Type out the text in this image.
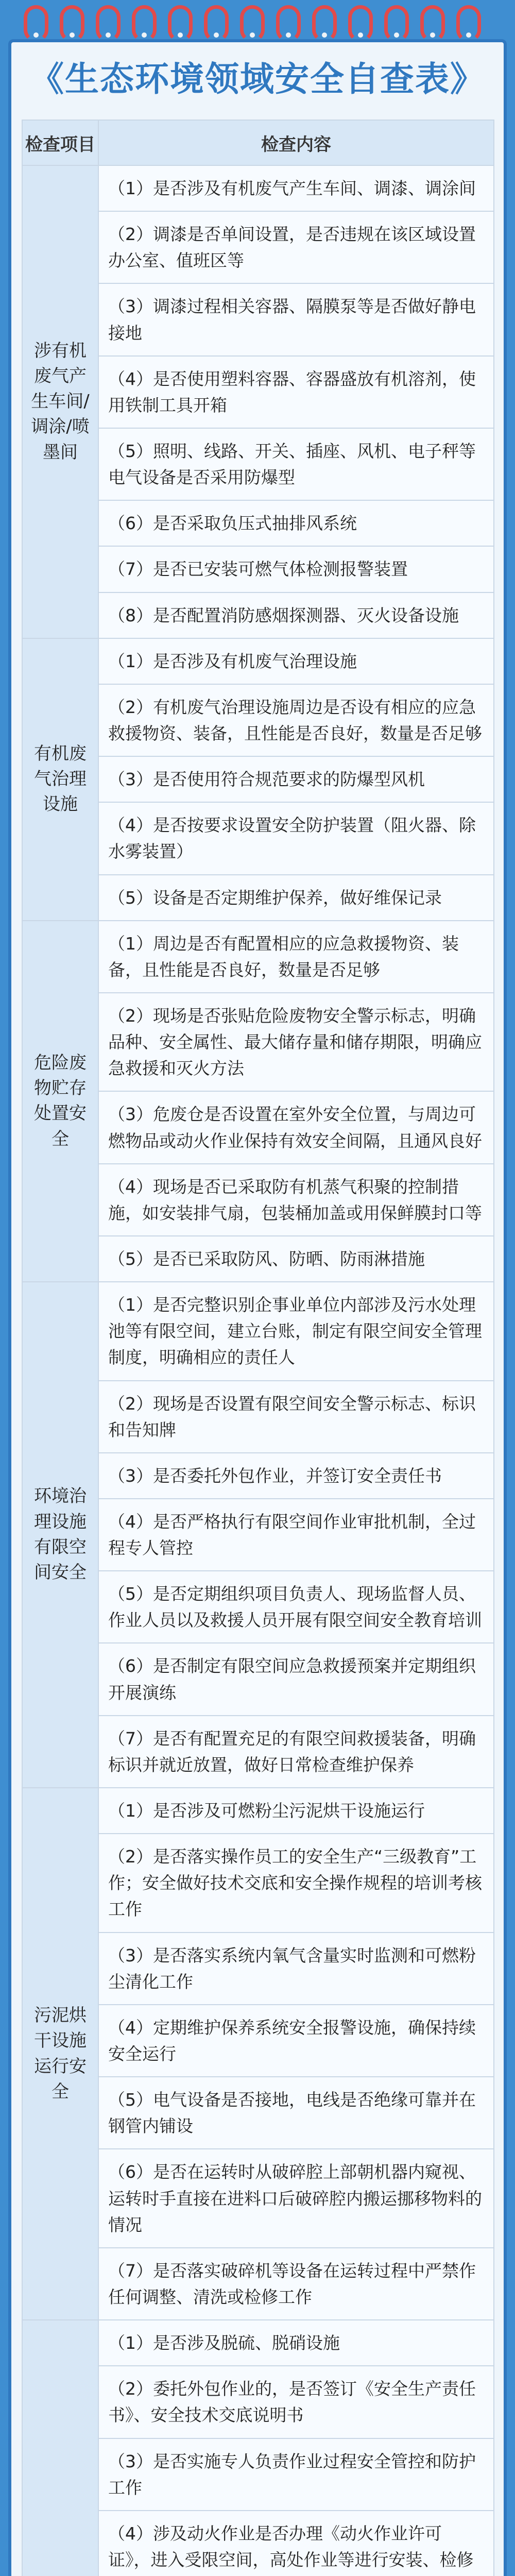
《生态环境领域安全自查表》
检查项目	检查内容
涉有机废气产生车间/调涂/喷墨间	（1）是否涉及有机废气产生车间、调漆、调涂间
	（2）调漆是否单间设置，是否违规在该区域设置办公室、值班区等
	（3）调漆过程相关容器、隔膜泵等是否做好静电接地
	（4）是否使用塑料容器、容器盛放有机溶剂，使用铁制工具开箱
	（5）照明、线路、开关、插座、风机、电子秤等电气设备是否采用防爆型
	（6）是否采取负压式抽排风系统
	（7）是否已安装可燃气体检测报警装置
	（8）是否配置消防感烟探测器、灭火设备设施
有机废气治理设施	（1）是否涉及有机废气治理设施
	（2）有机废气治理设施周边是否设有相应的应急救援物资、装备，且性能是否良好，数量是否足够
	（3）是否使用符合规范要求的防爆型风机
	（4）是否按要求设置安全防护装置（阻火器、除水雾装置）
	（5）设备是否定期维护保养，做好维保记录
危险废物贮存处置安全	（1）周边是否有配置相应的应急救援物资、装备，且性能是否良好，数量是否足够
	（2）现场是否张贴危险废物安全警示标志，明确品种、安全属性、最大储存量和储存期限，明确应急救援和灭火方法
	（3）危废仓是否设置在室外安全位置，与周边可燃物品或动火作业保持有效安全间隔，且通风良好
	（4）现场是否已采取防有机蒸气积聚的控制措施，如安装排气扇，包装桶加盖或用保鲜膜封口等
	（5）是否已采取防风、防晒、防雨淋措施
环境治理设施有限空间安全	（1）是否完整识别企事业单位内部涉及污水处理池等有限空间，建立台账，制定有限空间安全管理制度，明确相应的责任人
	（2）现场是否设置有限空间安全警示标志、标识和告知牌
	（3）是否委托外包作业，并签订安全责任书
	（4）是否严格执行有限空间作业审批机制，全过程专人管控
	（5）是否定期组织项目负责人、现场监督人员、作业人员以及救援人员开展有限空间安全教育培训
	（6）是否制定有限空间应急救援预案并定期组织开展演练
	（7）是否有配置充足的有限空间救援装备，明确标识并就近放置，做好日常检查维护保养
污泥烘干设施运行安全	（1）是否涉及可燃粉尘污泥烘干设施运行
	（2）是否落实操作员工的安全生产“三级教育”工作；安全做好技术交底和安全操作规程的培训考核工作
	（3）是否落实系统内氧气含量实时监测和可燃粉尘清化工作
	（4）定期维护保养系统安全报警设施，确保持续安全运行
	（5）电气设备是否接地，电线是否绝缘可靠并在钢管内铺设
	（6）是否在运转时从破碎腔上部朝机器内窥视、运转时手直接在进料口后破碎腔内搬运挪移物料的情况
	（7）是否落实破碎机等设备在运转过程中严禁作任何调整、清洗或检修工作
	（1）是否涉及脱硫、脱硝设施
	（2）委托外包作业的，是否签订《安全生产责任书》、安全技术交底说明书
	（3）是否实施专人负责作业过程安全管控和防护工作
	（4）涉及动火作业是否办理《动火作业许可证》，进入受限空间，高处作业等进行安装、检修
